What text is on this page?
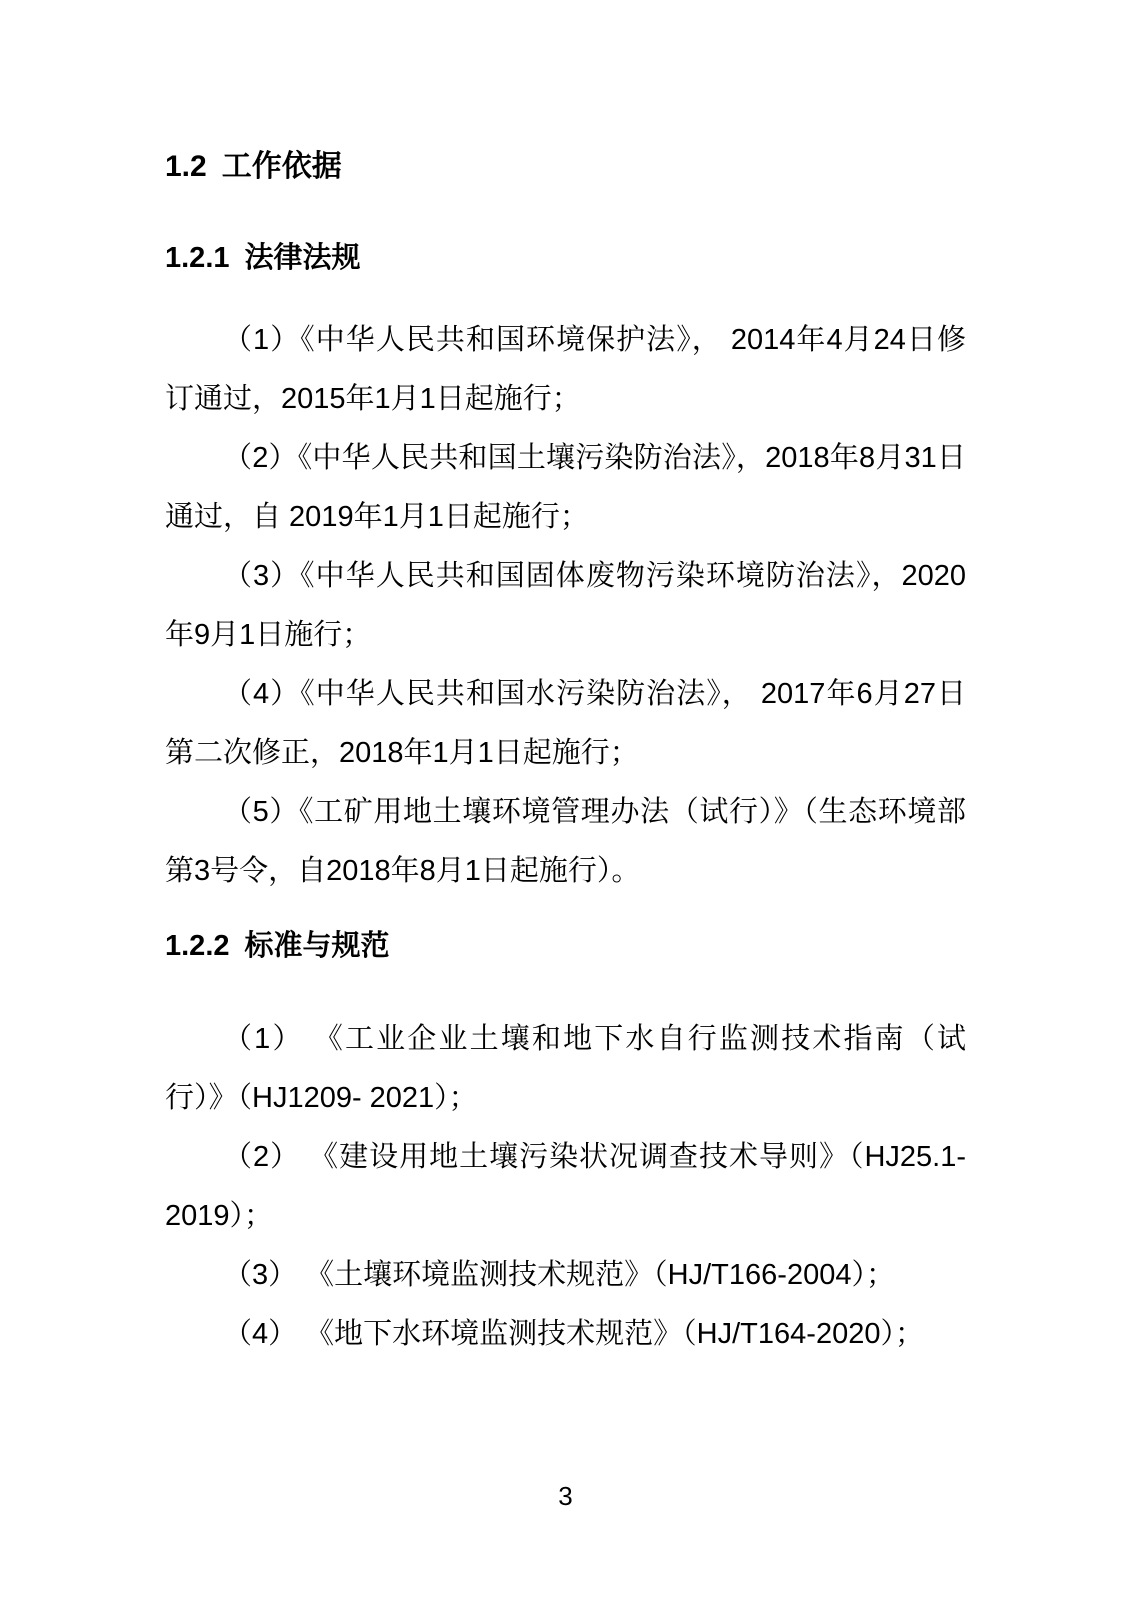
1.2 工作依据
1.2.1 法律法规

（1）《中华人民共和国环境保护法》， 2014年4月24日修订通过，2015年1月1日起施行；

（2）《中华人民共和国土壤污染防治法》，2018年8月31日通过，自 2019年1月1日起施行；

（3）《中华人民共和国固体废物污染环境防治法》，2020年9月1日施行；

（4）《中华人民共和国水污染防治法》， 2017年6月27日第二次修正，2018年1月1日起施行；

（5）《工矿用地土壤环境管理办法（试行）》（生态环境部第3号令，自2018年8月1日起施行）。

1.2.2 标准与规范

（1） 《工业企业土壤和地下水自行监测技术指南（试行）》（HJ1209- 2021）；

（2） 《建设用地土壤污染状况调查技术导则》（HJ25.1-2019）；

（3） 《土壤环境监测技术规范》（HJ/T166-2004）；

（4） 《地下水环境监测技术规范》（HJ/T164-2020）；

3
